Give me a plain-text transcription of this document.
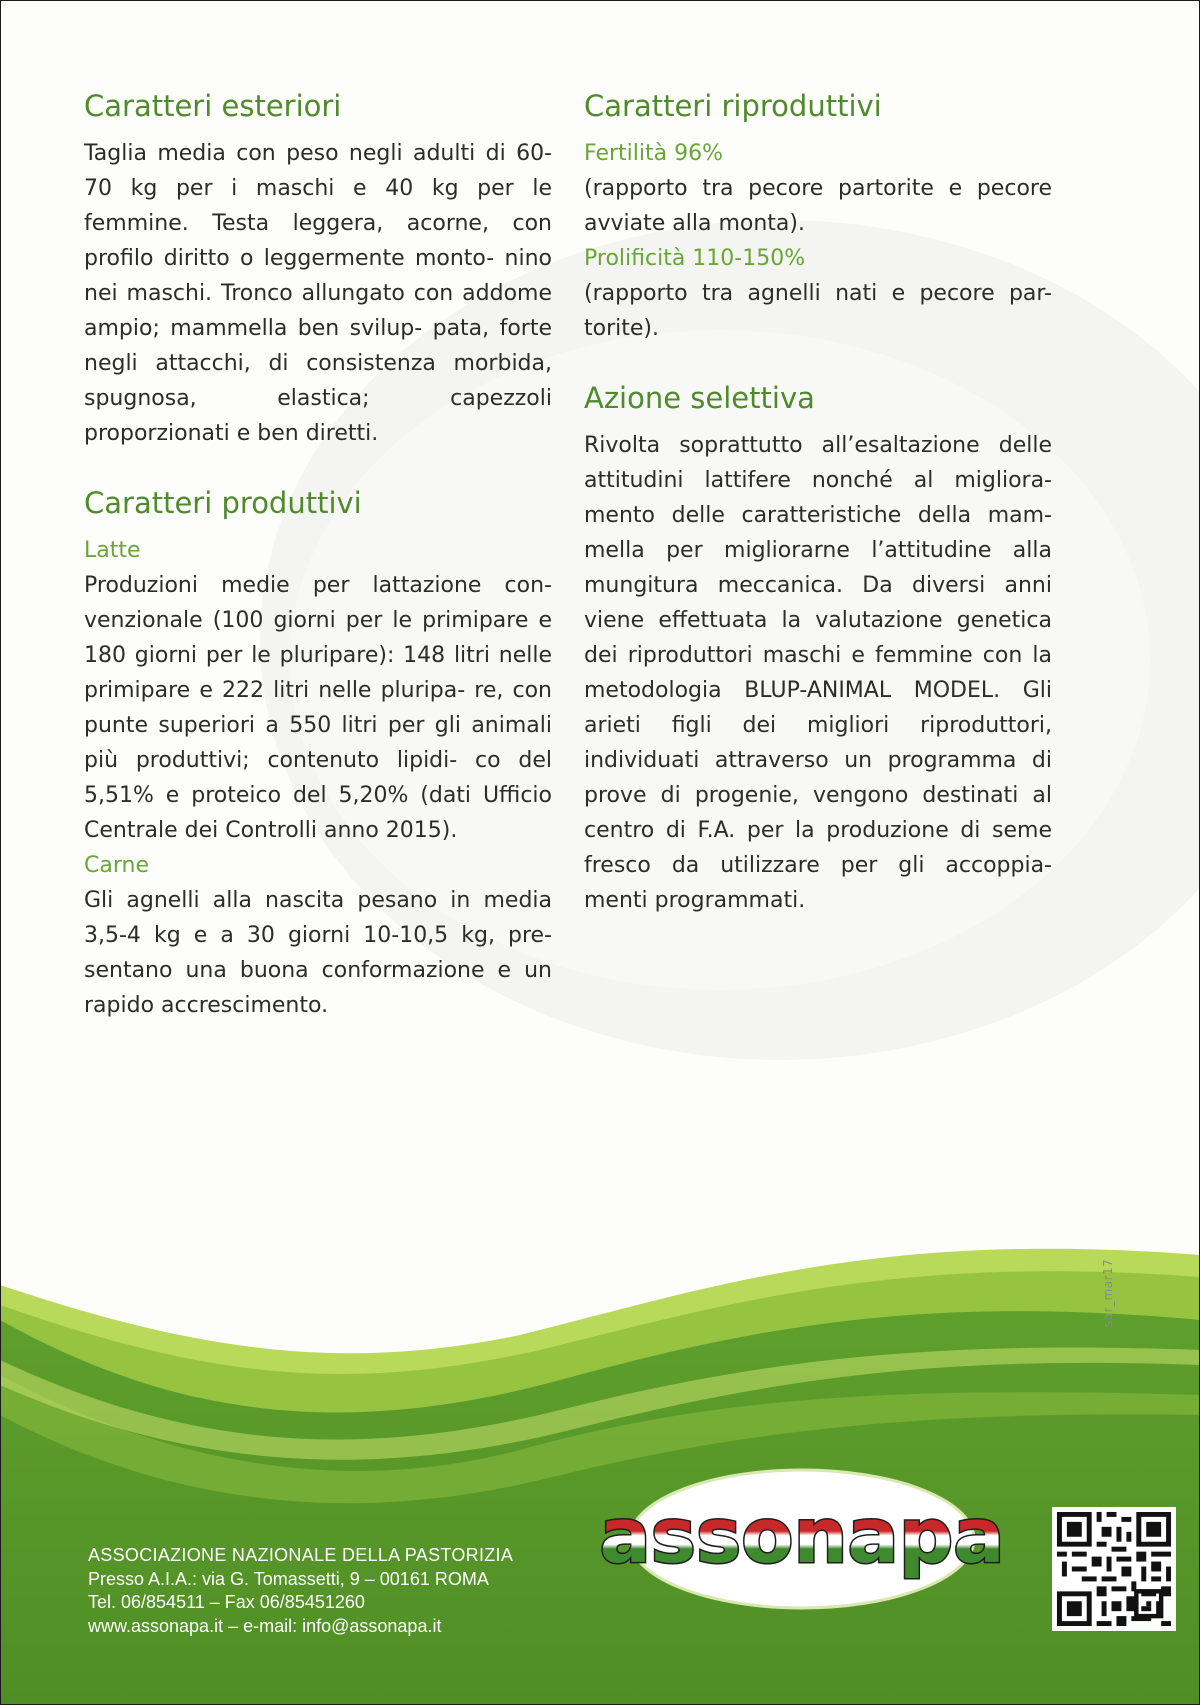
Caratteri esteriori

Taglia media con peso negli adulti di 60-70 kg per i maschi e 40 kg per le femmine. Testa leggera, acorne, con profilo diritto o leggermente monto- nino nei maschi. Tronco allungato con addome ampio; mammella ben svilup- pata, forte negli attacchi, di consistenza morbida, spugnosa, elastica; capezzoli proporzionati e ben diretti.

Caratteri produttivi
Latte

Produzioni medie per lattazione con- venzionale (100 giorni per le primipare e 180 giorni per le pluripare): 148 litri nelle primipare e 222 litri nelle pluripa- re, con punte superiori a 550 litri per gli animali più produttivi; contenuto lipidi- co del 5,51% e proteico del 5,20% (dati Ufficio Centrale dei Controlli anno 2015).

Carne

Gli agnelli alla nascita pesano in media 3,5-4 kg e a 30 giorni 10-10,5 kg, pre- sentano una buona conformazione e un rapido accrescimento.

Caratteri riproduttivi
Fertilità 96%

(rapporto tra pecore partorite e pecore avviate alla monta).

Prolificità 110-150%

(rapporto tra agnelli nati e pecore par- torite).

Azione selettiva

Rivolta soprattutto all’esaltazione delle attitudini lattifere nonché al migliora- mento delle caratteristiche della mam- mella per migliorarne l’attitudine alla mungitura meccanica. Da diversi anni viene effettuata la valutazione genetica dei riproduttori maschi e femmine con la metodologia BLUP-ANIMAL MODEL. Gli arieti figli dei migliori riproduttori, individuati attraverso un programma di prove di progenie, vengono destinati al centro di F.A. per la produzione di seme fresco da utilizzare per gli accoppia- menti programmati.

sar_mar17
ASSOCIAZIONE NAZIONALE DELLA PASTORIZIA
Presso A.I.A.: via G. Tomassetti, 9 – 00161 ROMA
Tel. 06/854511 – Fax 06/85451260
www.assonapa.it – e-mail: info@assonapa.it
assonapa
